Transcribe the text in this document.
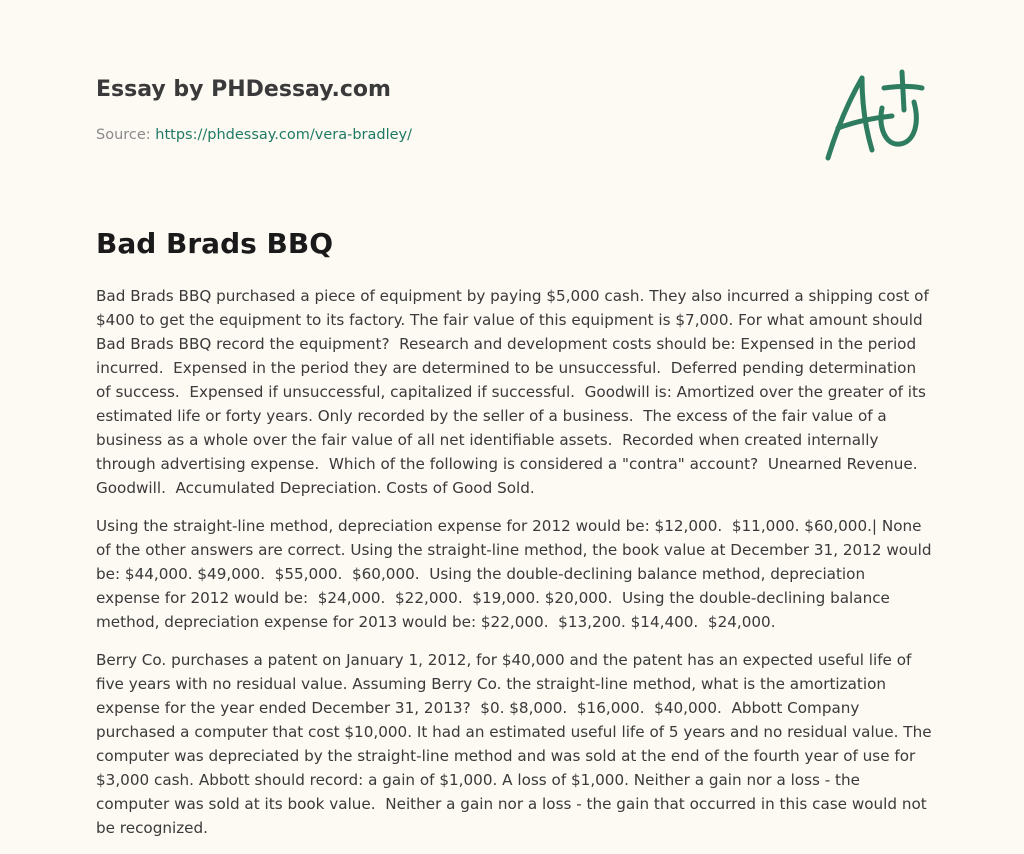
Essay by PHDessay.com
Source: https://phdessay.com/vera-bradley/
Bad Brads BBQ

Bad Brads BBQ purchased a piece of equipment by paying $5,000 cash. They also incurred a shipping cost of $400 to get the equipment to its factory. The fair value of this equipment is $7,000. For what amount should Bad Brads BBQ record the equipment?  Research and development costs should be: Expensed in the period incurred.  Expensed in the period they are determined to be unsuccessful.  Deferred pending determination of success.  Expensed if unsuccessful, capitalized if successful.  Goodwill is: Amortized over the greater of its estimated life or forty years. Only recorded by the seller of a business.  The excess of the fair value of a business as a whole over the fair value of all net identifiable assets.  Recorded when created internally through advertising expense.  Which of the following is considered a "contra" account?  Unearned Revenue.  Goodwill.  Accumulated Depreciation. Costs of Good Sold.

Using the straight-line method, depreciation expense for 2012 would be: $12,000.  $11,000. $60,000.| None of the other answers are correct. Using the straight-line method, the book value at December 31, 2012 would be: $44,000. $49,000.  $55,000.  $60,000.  Using the double-declining balance method, depreciation expense for 2012 would be:  $24,000.  $22,000.  $19,000. $20,000.  Using the double-declining balance method, depreciation expense for 2013 would be: $22,000.  $13,200. $14,400.  $24,000.

Berry Co. purchases a patent on January 1, 2012, for $40,000 and the patent has an expected useful life of five years with no residual value. Assuming Berry Co. the straight-line method, what is the amortization expense for the year ended December 31, 2013?  $0. $8,000.  $16,000.  $40,000.  Abbott Company purchased a computer that cost $10,000. It had an estimated useful life of 5 years and no residual value. The computer was depreciated by the straight-line method and was sold at the end of the fourth year of use for $3,000 cash. Abbott should record: a gain of $1,000. A loss of $1,000. Neither a gain nor a loss - the computer was sold at its book value.  Neither a gain nor a loss - the gain that occurred in this case would not be recognized.
